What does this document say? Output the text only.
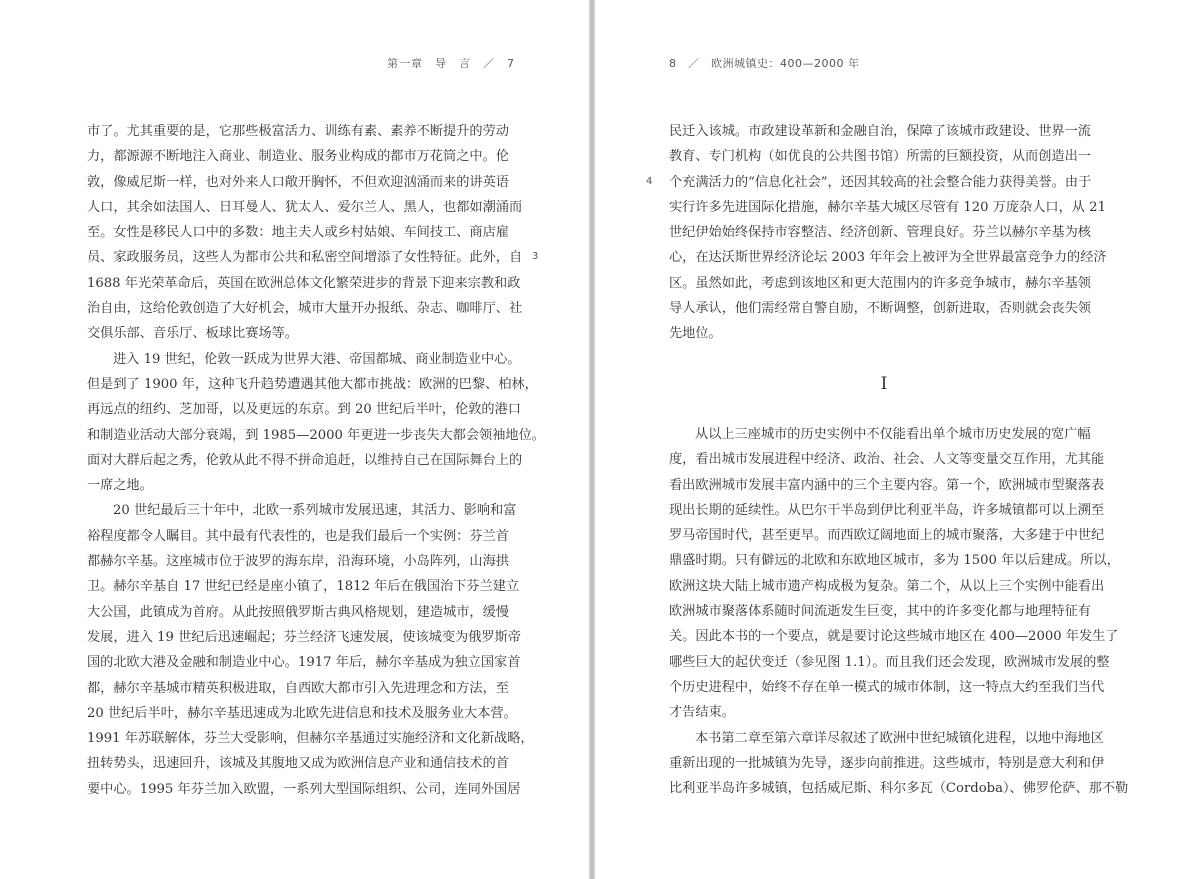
第一章　导　言　／　7
3
市了。尤其重要的是，它那些极富活力、训练有素、素养不断提升的劳动
力，都源源不断地注入商业、制造业、服务业构成的都市万花筒之中。伦
敦，像威尼斯一样，也对外来人口敞开胸怀，不但欢迎汹涌而来的讲英语
人口，其余如法国人、日耳曼人、犹太人、爱尔兰人、黑人，也都如潮涌而
至。女性是移民人口中的多数：地主夫人或乡村姑娘、车间技工、商店雇
员、家政服务员，这些人为都市公共和私密空间增添了女性特征。此外，自
1688 年光荣革命后，英国在欧洲总体文化繁荣进步的背景下迎来宗教和政
治自由，这给伦敦创造了大好机会，城市大量开办报纸、杂志、咖啡厅、社
交俱乐部、音乐厅、板球比赛场等。
进入 19 世纪，伦敦一跃成为世界大港、帝国都城、商业制造业中心。
但是到了 1900 年，这种飞升趋势遭遇其他大都市挑战：欧洲的巴黎、柏林，
再远点的纽约、芝加哥，以及更远的东京。到 20 世纪后半叶，伦敦的港口
和制造业活动大部分衰竭，到 1985—2000 年更进一步丧失大都会领袖地位。
面对大群后起之秀，伦敦从此不得不拼命追赶，以维持自己在国际舞台上的
一席之地。
20 世纪最后三十年中，北欧一系列城市发展迅速，其活力、影响和富
裕程度都令人瞩目。其中最有代表性的，也是我们最后一个实例：芬兰首
都赫尔辛基。这座城市位于波罗的海东岸，沿海环境，小岛阵列，山海拱
卫。赫尔辛基自 17 世纪已经是座小镇了，1812 年后在俄国治下芬兰建立
大公国，此镇成为首府。从此按照俄罗斯古典风格规划，建造城市，缓慢
发展，进入 19 世纪后迅速崛起；芬兰经济飞速发展，使该城变为俄罗斯帝
国的北欧大港及金融和制造业中心。1917 年后，赫尔辛基成为独立国家首
都，赫尔辛基城市精英积极进取，自西欧大都市引入先进理念和方法，至
20 世纪后半叶，赫尔辛基迅速成为北欧先进信息和技术及服务业大本营。
1991 年苏联解体，芬兰大受影响，但赫尔辛基通过实施经济和文化新战略，
扭转势头，迅速回升，该城及其腹地又成为欧洲信息产业和通信技术的首
要中心。1995 年芬兰加入欧盟，一系列大型国际组织、公司，连同外国居
8　／　欧洲城镇史：400—2000 年
4
民迁入该城。市政建设革新和金融自治，保障了该城市政建设、世界一流
教育、专门机构（如优良的公共图书馆）所需的巨额投资，从而创造出一
个充满活力的“信息化社会”，还因其较高的社会整合能力获得美誉。由于
实行许多先进国际化措施，赫尔辛基大城区尽管有 120 万庞杂人口，从 21
世纪伊始始终保持市容整洁、经济创新、管理良好。芬兰以赫尔辛基为核
心，在达沃斯世界经济论坛 2003 年年会上被评为全世界最富竞争力的经济
区。虽然如此，考虑到该地区和更大范围内的许多竞争城市，赫尔辛基领
导人承认，他们需经常自警自励，不断调整，创新进取，否则就会丧失领
先地位。
I
从以上三座城市的历史实例中不仅能看出单个城市历史发展的宽广幅
度，看出城市发展进程中经济、政治、社会、人文等变量交互作用，尤其能
看出欧洲城市发展丰富内涵中的三个主要内容。第一个，欧洲城市型聚落表
现出长期的延续性。从巴尔干半岛到伊比利亚半岛，许多城镇都可以上溯至
罗马帝国时代，甚至更早。而西欧辽阔地面上的城市聚落，大多建于中世纪
鼎盛时期。只有僻远的北欧和东欧地区城市，多为 1500 年以后建成。所以，
欧洲这块大陆上城市遗产构成极为复杂。第二个，从以上三个实例中能看出
欧洲城市聚落体系随时间流逝发生巨变，其中的许多变化都与地理特征有
关。因此本书的一个要点，就是要讨论这些城市地区在 400—2000 年发生了
哪些巨大的起伏变迁（参见图 1.1）。而且我们还会发现，欧洲城市发展的整
个历史进程中，始终不存在单一模式的城市体制，这一特点大约至我们当代
才告结束。
本书第二章至第六章详尽叙述了欧洲中世纪城镇化进程，以地中海地区
重新出现的一批城镇为先导，逐步向前推进。这些城市，特别是意大利和伊
比利亚半岛许多城镇，包括威尼斯、科尔多瓦（Cordoba）、佛罗伦萨、那不勒
